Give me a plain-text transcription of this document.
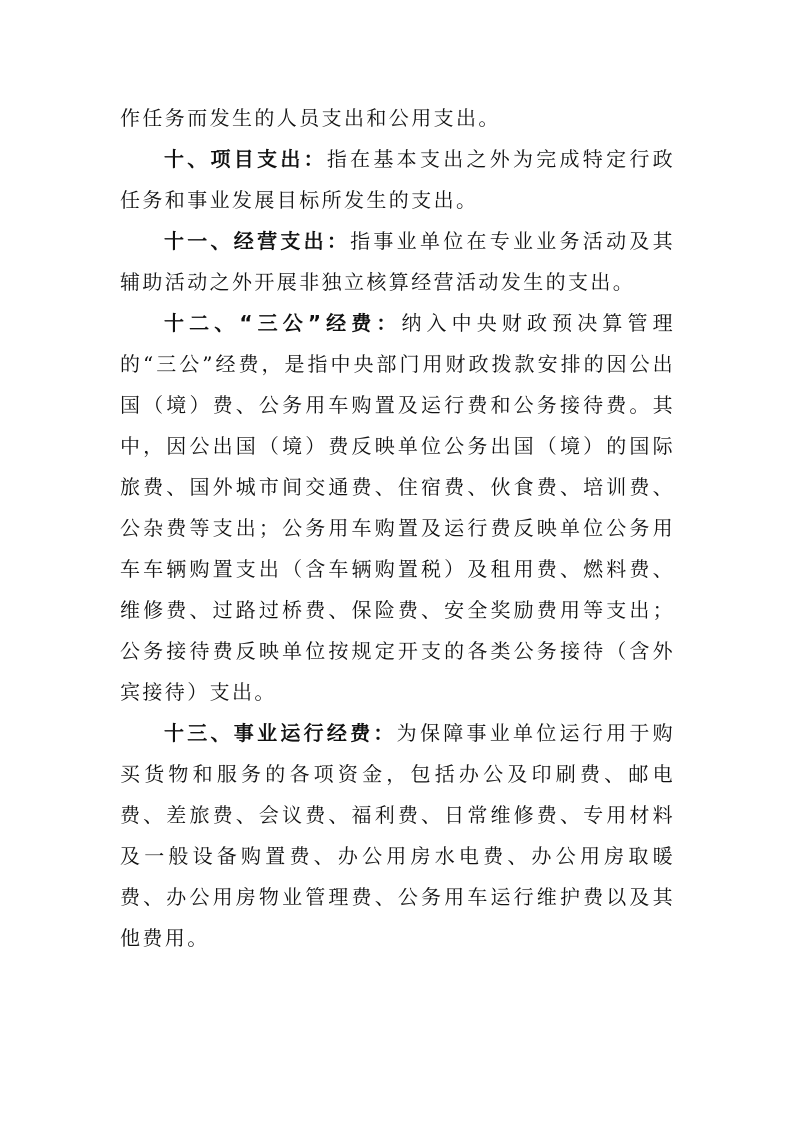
作任务而发生的人员支出和公用支出。

十、项目支出：指在基本支出之外为完成特定行政任务和事业发展目标所发生的支出。

十一、经营支出：指事业单位在专业业务活动及其辅助活动之外开展非独立核算经营活动发生的支出。

十二、“三公”经费：纳入中央财政预决算管理的“三公”经费，是指中央部门用财政拨款安排的因公出国（境）费、公务用车购置及运行费和公务接待费。其中，因公出国（境）费反映单位公务出国（境）的国际旅费、国外城市间交通费、住宿费、伙食费、培训费、公杂费等支出；公务用车购置及运行费反映单位公务用车车辆购置支出（含车辆购置税）及租用费、燃料费、维修费、过路过桥费、保险费、安全奖励费用等支出；公务接待费反映单位按规定开支的各类公务接待（含外宾接待）支出。

十三、事业运行经费：为保障事业单位运行用于购买货物和服务的各项资金，包括办公及印刷费、邮电费、差旅费、会议费、福利费、日常维修费、专用材料及一般设备购置费、办公用房水电费、办公用房取暖费、办公用房物业管理费、公务用车运行维护费以及其他费用。
